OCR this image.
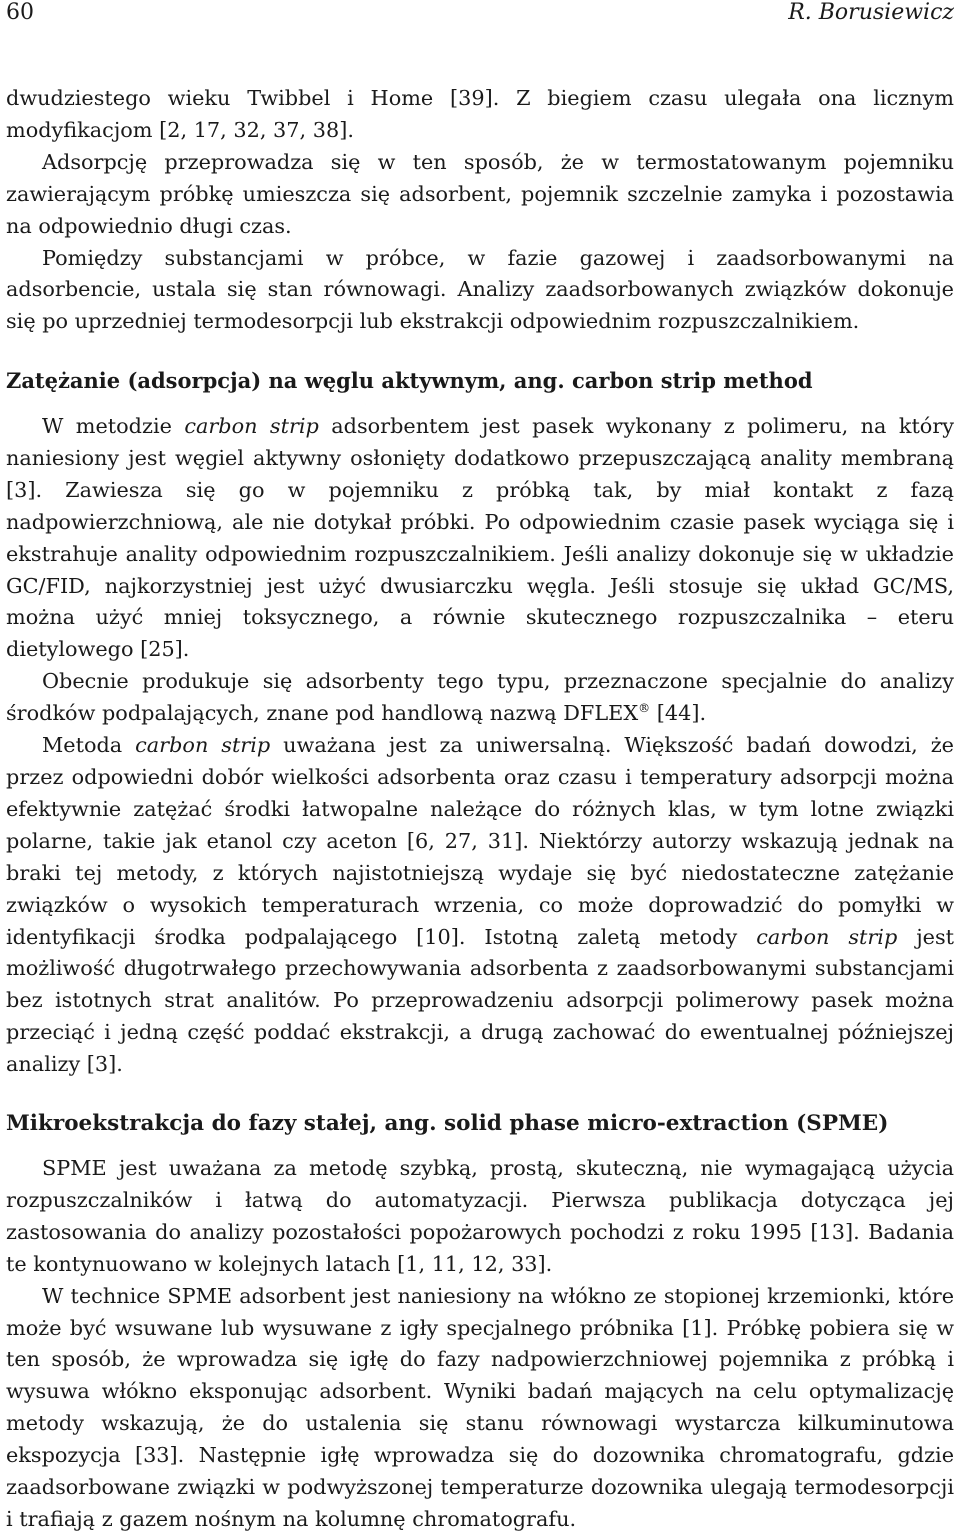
60	R. Borusiewicz

dwudziestego wieku Twibbel i Home [39]. Z biegiem czasu ulegała ona licznym modyfikacjom [2, 17, 32, 37, 38].

Adsorpcję przeprowadza się w ten sposób, że w termostatowanym pojemniku zawierającym próbkę umieszcza się adsorbent, pojemnik szczelnie zamyka i pozostawia na odpowiednio długi czas.

Pomiędzy substancjami w próbce, w fazie gazowej i zaadsorbowanymi na adsorbencie, ustala się stan równowagi. Analizy zaadsorbowanych związków dokonuje się po uprzedniej termodesorpcji lub ekstrakcji odpowiednim rozpuszczalnikiem.

Zatężanie (adsorpcja) na węglu aktywnym, ang. carbon strip method

W metodzie carbon strip adsorbentem jest pasek wykonany z polimeru, na który naniesiony jest węgiel aktywny osłonięty dodatkowo przepuszczającą anality membraną [3]. Zawiesza się go w pojemniku z próbką tak, by miał kontakt z fazą nadpowierzchniową, ale nie dotykał próbki. Po odpowiednim czasie pasek wyciąga się i ekstrahuje anality odpowiednim rozpuszczalnikiem. Jeśli analizy dokonuje się w układzie GC/FID, najkorzystniej jest użyć dwusiarczku węgla. Jeśli stosuje się układ GC/MS, można użyć mniej toksycznego, a równie skutecznego rozpuszczalnika – eteru dietylowego [25].

Obecnie produkuje się adsorbenty tego typu, przeznaczone specjalnie do analizy środków podpalających, znane pod handlową nazwą DFLEX® [44].

Metoda carbon strip uważana jest za uniwersalną. Większość badań dowodzi, że przez odpowiedni dobór wielkości adsorbenta oraz czasu i temperatury adsorpcji można efektywnie zatężać środki łatwopalne należące do różnych klas, w tym lotne związki polarne, takie jak etanol czy aceton [6, 27, 31]. Niektórzy autorzy wskazują jednak na braki tej metody, z których najistotniejszą wydaje się być niedostateczne zatężanie związków o wysokich temperaturach wrzenia, co może doprowadzić do pomyłki w identyfikacji środka podpalającego [10]. Istotną zaletą metody carbon strip jest możliwość długotrwałego przechowywania adsorbenta z zaadsorbowanymi substancjami bez istotnych strat analitów. Po przeprowadzeniu adsorpcji polimerowy pasek można przeciąć i jedną część poddać ekstrakcji, a drugą zachować do ewentualnej późniejszej analizy [3].

Mikroekstrakcja do fazy stałej, ang. solid phase micro-extraction (SPME)

SPME jest uważana za metodę szybką, prostą, skuteczną, nie wymagającą użycia rozpuszczalników i łatwą do automatyzacji. Pierwsza publikacja dotycząca jej zastosowania do analizy pozostałości popożarowych pochodzi z roku 1995 [13]. Badania te kontynuowano w kolejnych latach [1, 11, 12, 33].

W technice SPME adsorbent jest naniesiony na włókno ze stopionej krzemionki, które może być wsuwane lub wysuwane z igły specjalnego próbnika [1]. Próbkę pobiera się w ten sposób, że wprowadza się igłę do fazy nadpowierzchniowej pojemnika z próbką i wysuwa włókno eksponując adsorbent. Wyniki badań mających na celu optymalizację metody wskazują, że do ustalenia się stanu równowagi wystarcza kilkuminutowa ekspozycja [33]. Następnie igłę wprowadza się do dozownika chromatografu, gdzie zaadsorbowane związki w podwyższonej temperaturze dozownika ulegają termodesorpcji i trafiają z gazem nośnym na kolumnę chromatografu.
